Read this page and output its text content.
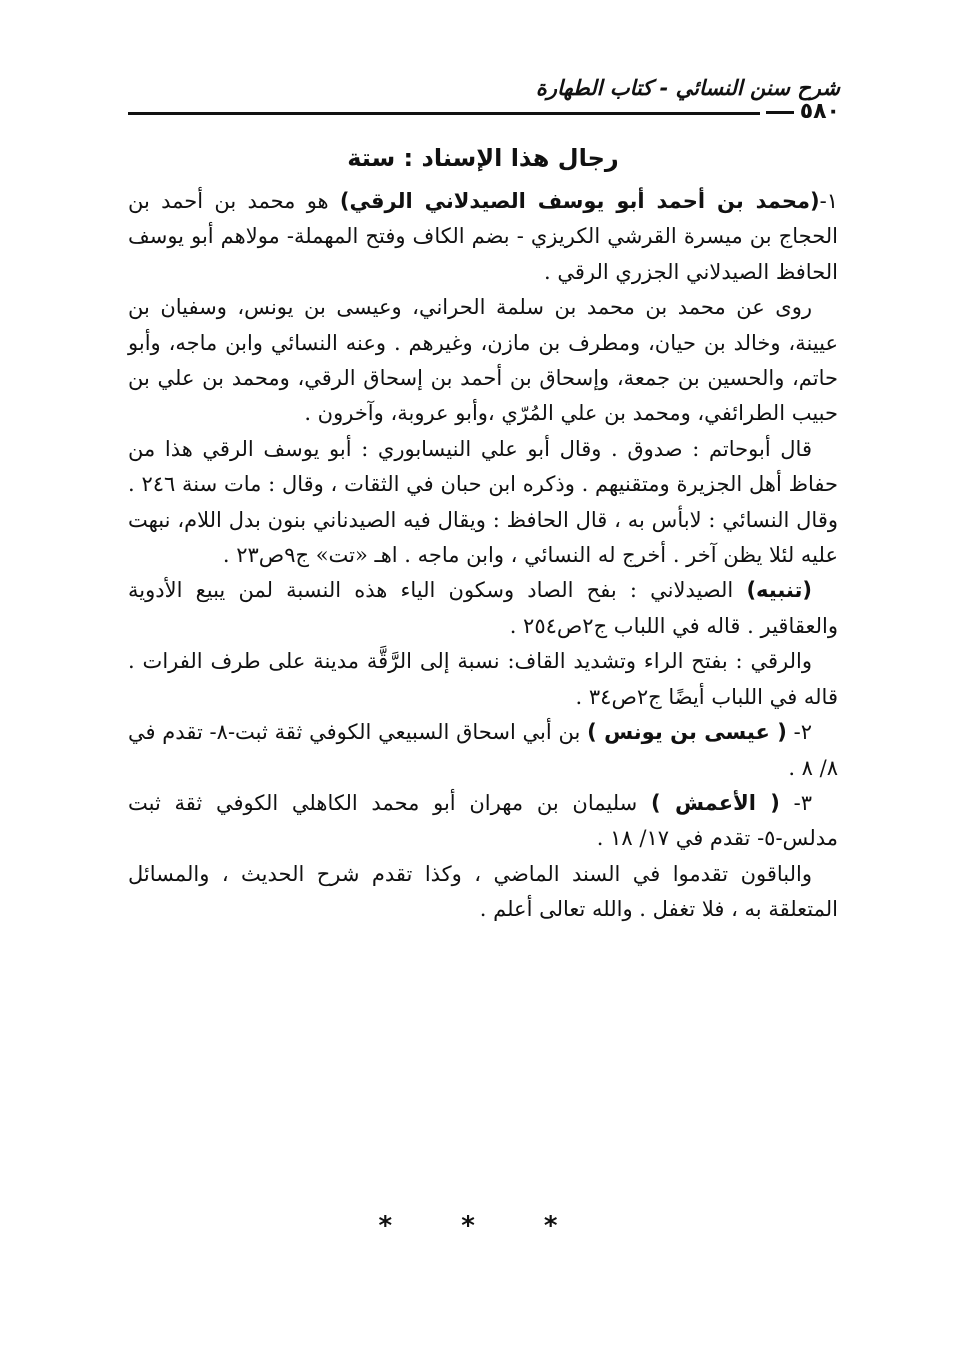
شرح سنن النسائي - كتاب الطهارة
٥٨٠
رجال هذا الإسناد : ستة

١-(محمد بن أحمد أبو يوسف الصيدلاني الرقي) هو محمد بن أحمد بن الحجاج بن ميسرة القرشي الكريزي - بضم الكاف وفتح المهملة- مولاهم أبو يوسف الحافظ الصيدلاني الجزري الرقي .

روى عن محمد بن محمد بن سلمة الحراني، وعيسى بن يونس، وسفيان بن عيينة، وخالد بن حيان، ومطرف بن مازن، وغيرهم . وعنه النسائي وابن ماجه، وأبو حاتم، والحسين بن جمعة، وإسحاق بن أحمد بن إسحاق الرقي، ومحمد بن علي بن حبيب الطرائفي، ومحمد بن علي المُرّي ،وأبو عروبة، وآخرون .

قال أبوحاتم : صدوق . وقال أبو علي النيسابوري : أبو يوسف الرقي هذا من حفاظ أهل الجزيرة ومتقنيهم . وذكره ابن حبان في الثقات ، وقال : مات سنة ٢٤٦ . وقال النسائي : لابأس به ، قال الحافظ : ويقال فيه الصيدناني بنون بدل اللام، نبهت عليه لئلا يظن آخر . أخرج له النسائي ، وابن ماجه . اهـ «تت» ج٩ص٢٣ .

(تنبيه) الصيدلاني : بفح الصاد وسكون الياء هذه النسبة لمن يبيع الأدوية والعقاقير . قاله في اللباب ج٢ص٢٥٤ .

والرقي : بفتح الراء وتشديد القاف: نسبة إلى الرَّقَّة مدينة على طرف الفرات . قاله في اللباب أيضًا ج٢ص٣٤ .

٢- ( عيسى بن يونس ) بن أبي اسحاق السبيعي الكوفي ثقة ثبت-٨- تقدم في ٨/ ٨ .

٣- ( الأعمش ) سليمان بن مهران أبو محمد الكاهلي الكوفي ثقة ثبت مدلس-٥- تقدم في ١٧/ ١٨ .

والباقون تقدموا في السند الماضي ، وكذا تقدم شرح الحديث ، والمسائل المتعلقة به ، فلا تغفل . والله تعالى أعلم .

* * *
